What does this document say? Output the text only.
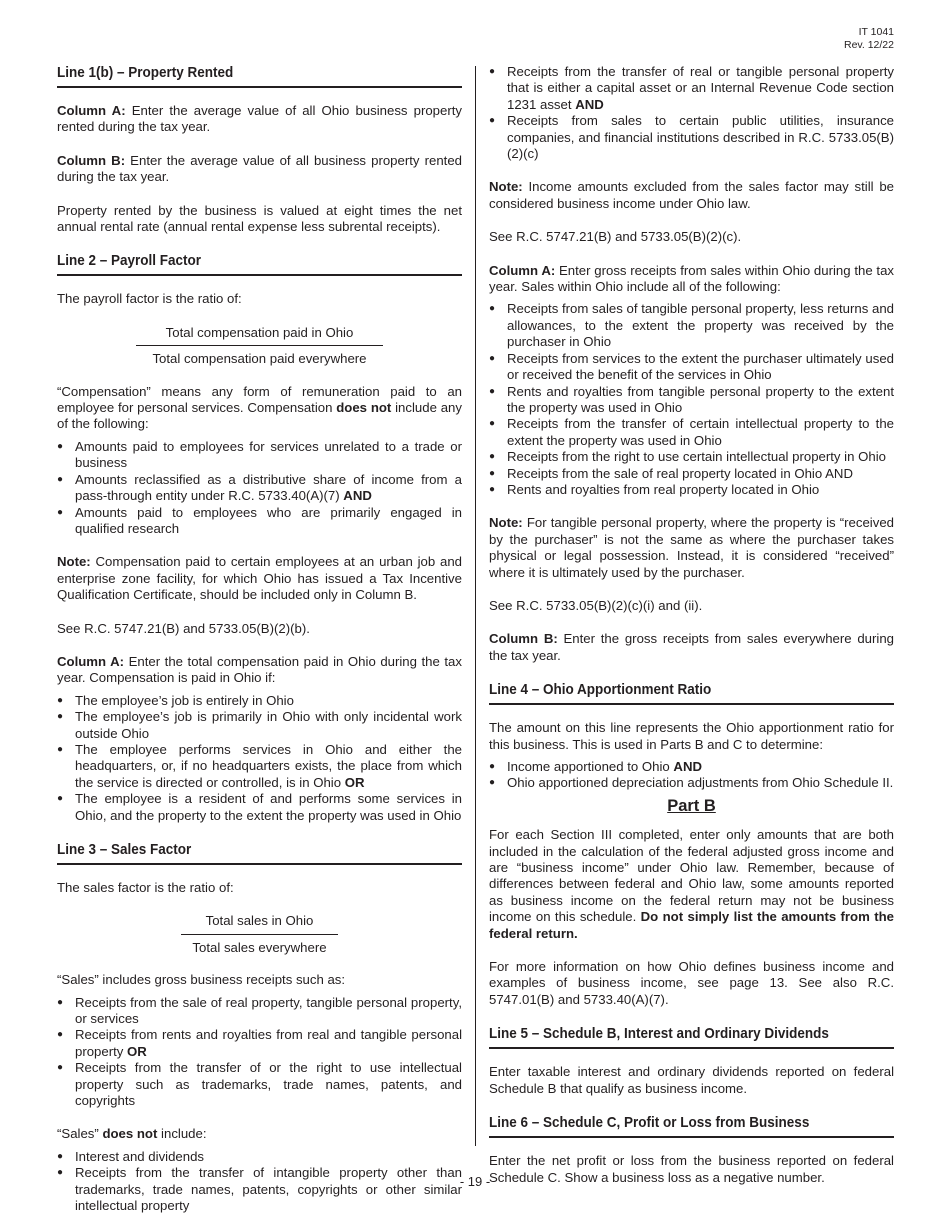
IT 1041
Rev. 12/22
Line 1(b) – Property Rented

Column A: Enter the average value of all Ohio business property rented during the tax year.

Column B: Enter the average value of all business property rented during the tax year.

Property rented by the business is valued at eight times the net annual rental rate (annual rental expense less subrental receipts).

Line 2 – Payroll Factor

The payroll factor is the ratio of:

Total compensation paid in Ohio
Total compensation paid everywhere

“Compensation” means any form of remuneration paid to an employee for personal services. Compensation does not include any of the following:

● Amounts paid to employees for services unrelated to a trade or business
● Amounts reclassified as a distributive share of income from a pass-through entity under R.C. 5733.40(A)(7) AND
● Amounts paid to employees who are primarily engaged in qualified research

Note: Compensation paid to certain employees at an urban job and enterprise zone facility, for which Ohio has issued a Tax Incentive Qualification Certificate, should be included only in Column B.

See R.C. 5747.21(B) and 5733.05(B)(2)(b).

Column A: Enter the total compensation paid in Ohio during the tax year. Compensation is paid in Ohio if:

● The employee’s job is entirely in Ohio
● The employee’s job is primarily in Ohio with only incidental work outside Ohio
● The employee performs services in Ohio and either the headquarters, or, if no headquarters exists, the place from which the service is directed or controlled, is in Ohio OR
● The employee is a resident of and performs some services in Ohio, and the property to the extent the property was used in Ohio
Line 3 – Sales Factor

The sales factor is the ratio of:

Total sales in Ohio
Total sales everywhere

“Sales” includes gross business receipts such as:

● Receipts from the sale of real property, tangible personal property, or services
● Receipts from rents and royalties from real and tangible personal property OR
● Receipts from the transfer of or the right to use intellectual property such as trademarks, trade names, patents, and copyrights

“Sales” does not include:

● Interest and dividends
● Receipts from the transfer of intangible property other than trademarks, trade names, patents, copyrights or other similar intellectual property
● Receipts from the transfer of real or tangible personal property that is either a capital asset or an Internal Revenue Code section 1231 asset AND
● Receipts from sales to certain public utilities, insurance companies, and financial institutions described in R.C. 5733.05(B)(2)(c)

Note: Income amounts excluded from the sales factor may still be considered business income under Ohio law.

See R.C. 5747.21(B) and 5733.05(B)(2)(c).

Column A: Enter gross receipts from sales within Ohio during the tax year. Sales within Ohio include all of the following:

● Receipts from sales of tangible personal property, less returns and allowances, to the extent the property was received by the purchaser in Ohio
● Receipts from services to the extent the purchaser ultimately used or received the benefit of the services in Ohio
● Rents and royalties from tangible personal property to the extent the property was used in Ohio
● Receipts from the transfer of certain intellectual property to the extent the property was used in Ohio
● Receipts from the right to use certain intellectual property in Ohio
● Receipts from the sale of real property located in Ohio AND
● Rents and royalties from real property located in Ohio

Note: For tangible personal property, where the property is “received by the purchaser” is not the same as where the purchaser takes physical or legal possession. Instead, it is considered “received” where it is ultimately used by the purchaser.

See R.C. 5733.05(B)(2)(c)(i) and (ii).

Column B: Enter the gross receipts from sales everywhere during the tax year.

Line 4 – Ohio Apportionment Ratio

The amount on this line represents the Ohio apportionment ratio for this business. This is used in Parts B and C to determine:

● Income apportioned to Ohio AND
● Ohio apportioned depreciation adjustments from Ohio Schedule II.
Part B

For each Section III completed, enter only amounts that are both included in the calculation of the federal adjusted gross income and are “business income” under Ohio law. Remember, because of differences between federal and Ohio law, some amounts reported as business income on the federal return may not be business income on this schedule. Do not simply list the amounts from the federal return.

For more information on how Ohio defines business income and examples of business income, see page 13. See also R.C. 5747.01(B) and 5733.40(A)(7).

Line 5 – Schedule B, Interest and Ordinary Dividends

Enter taxable interest and ordinary dividends reported on federal Schedule B that qualify as business income.

Line 6 – Schedule C, Profit or Loss from Business

Enter the net profit or loss from the business reported on federal Schedule C. Show a business loss as a negative number.

- 19 -
